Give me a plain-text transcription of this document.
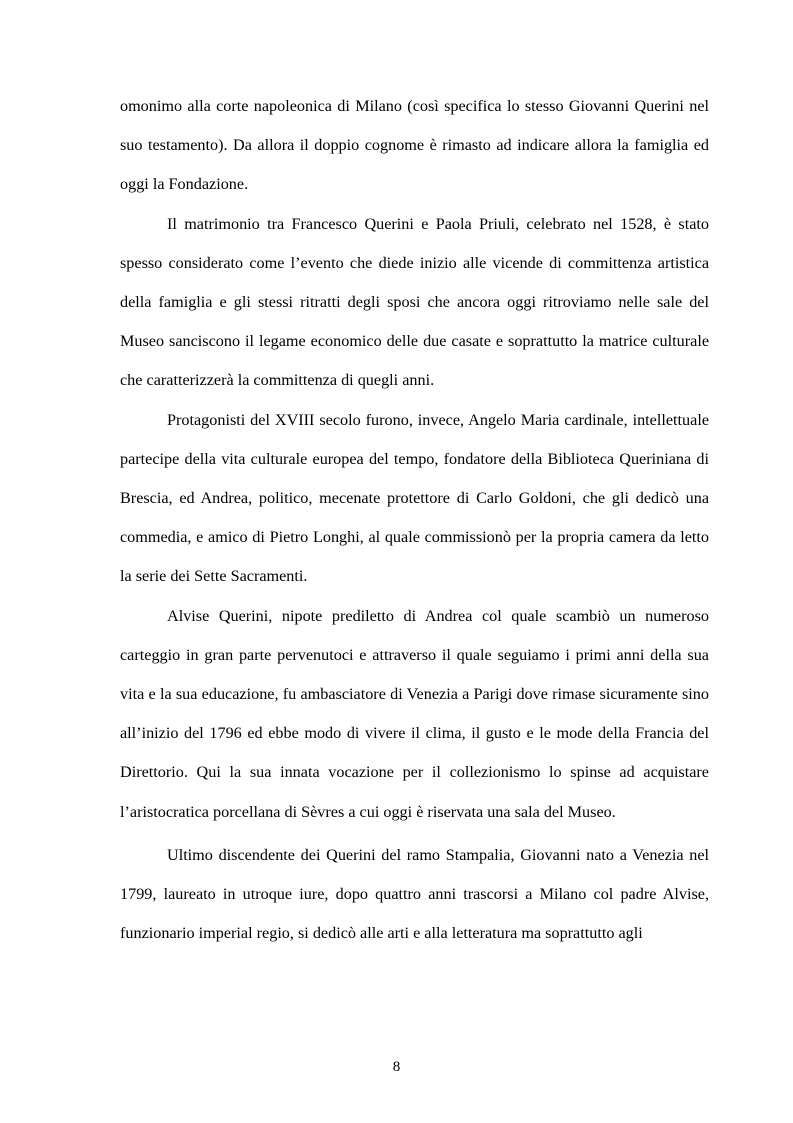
omonimo alla corte napoleonica di Milano (così specifica lo stesso Giovanni Querini nel suo testamento). Da allora il doppio cognome è rimasto ad indicare allora la famiglia ed oggi la Fondazione.

Il matrimonio tra Francesco Querini e Paola Priuli, celebrato nel 1528, è stato spesso considerato come l’evento che diede inizio alle vicende di committenza artistica della famiglia e gli stessi ritratti degli sposi che ancora oggi ritroviamo nelle sale del Museo sanciscono il legame economico delle due casate e soprattutto la matrice culturale che caratterizzerà la committenza di quegli anni.

Protagonisti del XVIII secolo furono, invece, Angelo Maria cardinale, intellettuale partecipe della vita culturale europea del tempo, fondatore della Biblioteca Queriniana di Brescia, ed Andrea, politico, mecenate protettore di Carlo Goldoni, che gli dedicò una commedia, e amico di Pietro Longhi, al quale commissionò per la propria camera da letto la serie dei Sette Sacramenti.

Alvise Querini, nipote prediletto di Andrea col quale scambiò un numeroso carteggio in gran parte pervenutoci e attraverso il quale seguiamo i primi anni della sua vita e la sua educazione, fu ambasciatore di Venezia a Parigi dove rimase sicuramente sino all’inizio del 1796 ed ebbe modo di vivere il clima, il gusto e le mode della Francia del Direttorio. Qui la sua innata vocazione per il collezionismo lo spinse ad acquistare l’aristocratica porcellana di Sèvres a cui oggi è riservata una sala del Museo.

Ultimo discendente dei Querini del ramo Stampalia, Giovanni nato a Venezia nel 1799, laureato in utroque iure, dopo quattro anni trascorsi a Milano col padre Alvise, funzionario imperial regio, si dedicò alle arti e alla letteratura ma soprattutto agli

8
